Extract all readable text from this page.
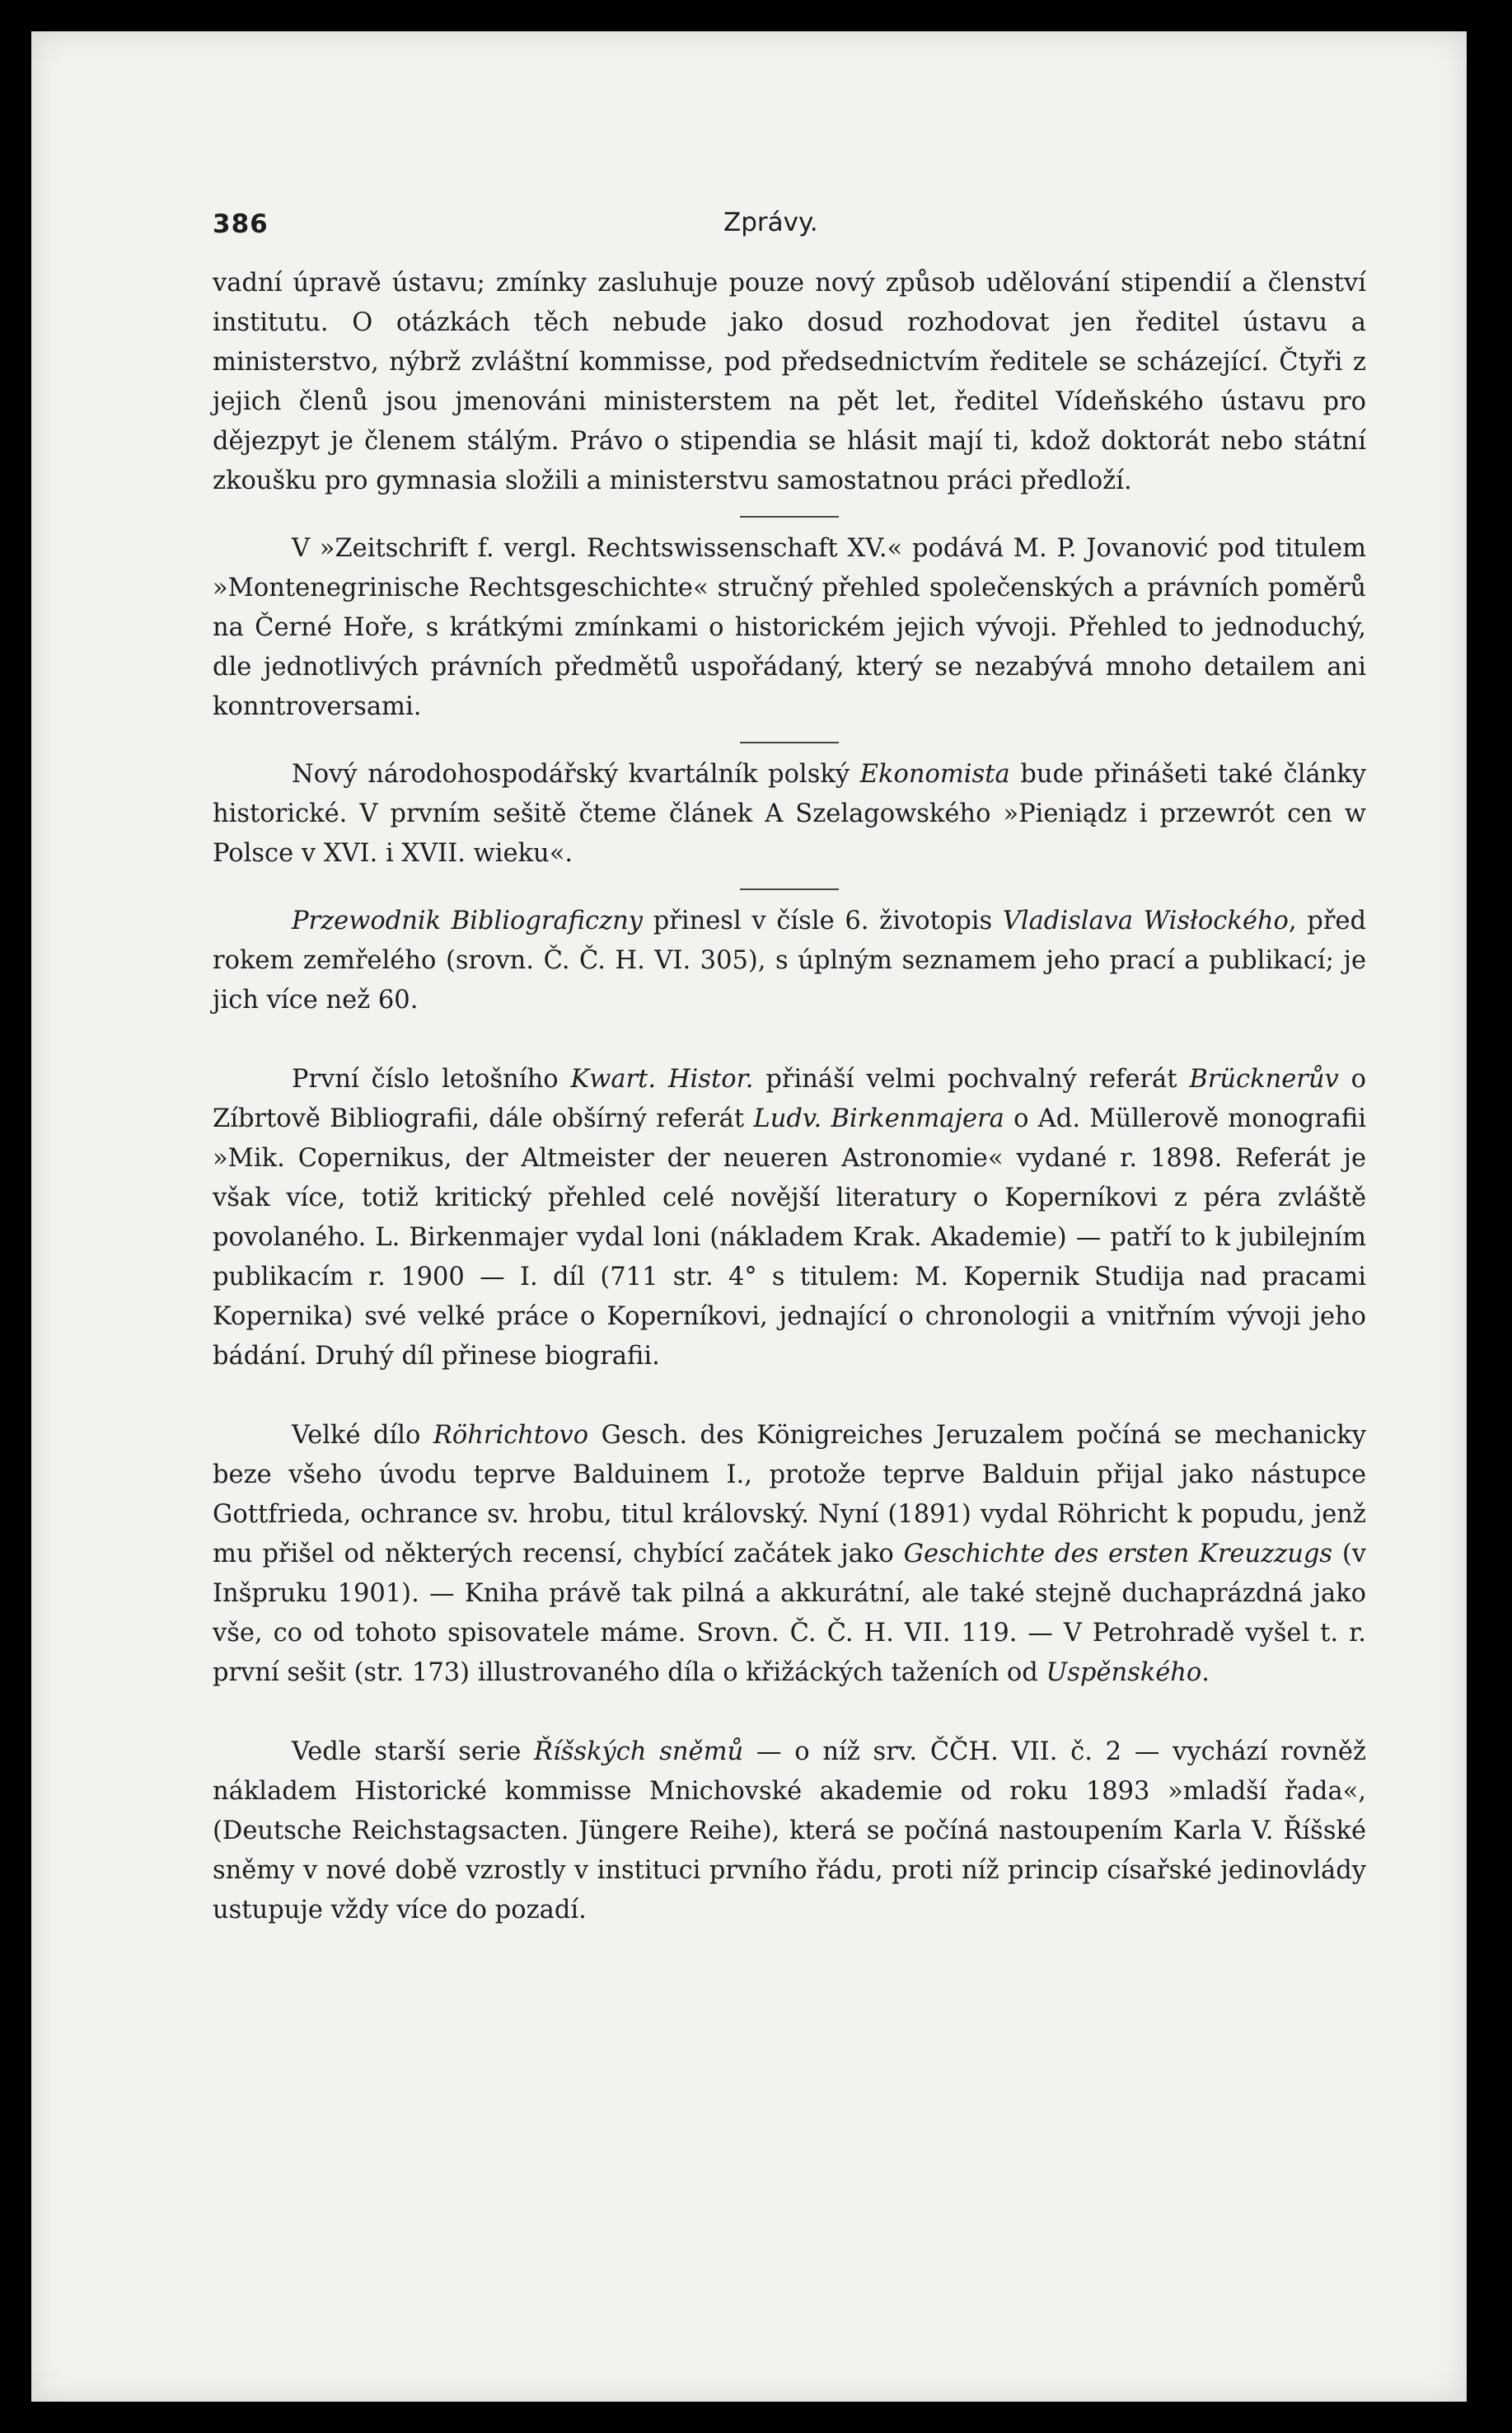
386	Zprávy.

vadní úpravě ústavu; zmínky zasluhuje pouze nový způsob udělování stipendií a členství institutu. O otázkách těch nebude jako dosud rozhodovat jen ředitel ústavu a ministerstvo, nýbrž zvláštní kommisse, pod předsednictvím ředitele se scházející. Čtyři z jejich členů jsou jmenováni ministerstem na pět let, ředitel Vídeňského ústavu pro dějezpyt je členem stálým. Právo o stipendia se hlásit mají ti, kdož doktorát nebo státní zkoušku pro gymnasia složili a ministerstvu samostatnou práci předloží.

V »Zeitschrift f. vergl. Rechtswissenschaft XV.« podává M. P. Jovanović pod titulem »Montenegrinische Rechtsgeschichte« stručný přehled společenských a právních poměrů na Černé Hoře, s krátkými zmínkami o historickém jejich vývoji. Přehled to jednoduchý, dle jednotlivých právních předmětů uspořádaný, který se nezabývá mnoho detailem ani konntroversami.

Nový národohospodářský kvartálník polský Ekonomista bude přinášeti také články historické. V prvním sešitě čteme článek A Szelagowského »Pieniądz i przewrót cen w Polsce v XVI. i XVII. wieku«.

Przewodnik Bibliograficzny přinesl v čísle 6. životopis Vladislava Wisłockého, před rokem zemřelého (srovn. Č. Č. H. VI. 305), s úplným seznamem jeho prací a publikací; je jich více než 60.

První číslo letošního Kwart. Histor. přináší velmi pochvalný referát Brücknerův o Zíbrtově Bibliografii, dále obšírný referát Ludv. Birkenmajera o Ad. Müllerově monografii »Mik. Copernikus, der Altmeister der neueren Astronomie« vydané r. 1898. Referát je však více, totiž kritický přehled celé novější literatury o Koperníkovi z péra zvláště povolaného. L. Birkenmajer vydal loni (nákladem Krak. Akademie) — patří to k jubilejním publikacím r. 1900 — I. díl (711 str. 4° s titulem: M. Kopernik Studija nad pracami Kopernika) své velké práce o Koperníkovi, jednající o chronologii a vnitřním vývoji jeho bádání. Druhý díl přinese biografii.

Velké dílo Röhrichtovo Gesch. des Königreiches Jeruzalem počíná se mechanicky beze všeho úvodu teprve Balduinem I., protože teprve Balduin přijal jako nástupce Gottfrieda, ochrance sv. hrobu, titul královský. Nyní (1891) vydal Röhricht k popudu, jenž mu přišel od některých recensí, chybící začátek jako Geschichte des ersten Kreuzzugs (v Inšpruku 1901). — Kniha právě tak pilná a akkurátní, ale také stejně duchaprázdná jako vše, co od tohoto spisovatele máme. Srovn. Č. Č. H. VII. 119. — V Petrohradě vyšel t. r. první sešit (str. 173) illustrovaného díla o křižáckých taženích od Uspěnského.

Vedle starší serie Říšských sněmů — o níž srv. ČČH. VII. č. 2 — vychází rovněž nákladem Historické kommisse Mnichovské akademie od roku 1893 »mladší řada«, (Deutsche Reichstagsacten. Jüngere Reihe), která se počíná nastoupením Karla V. Říšské sněmy v nové době vzrostly v instituci prvního řádu, proti níž princip císařské jedinovlády ustupuje vždy více do pozadí.
